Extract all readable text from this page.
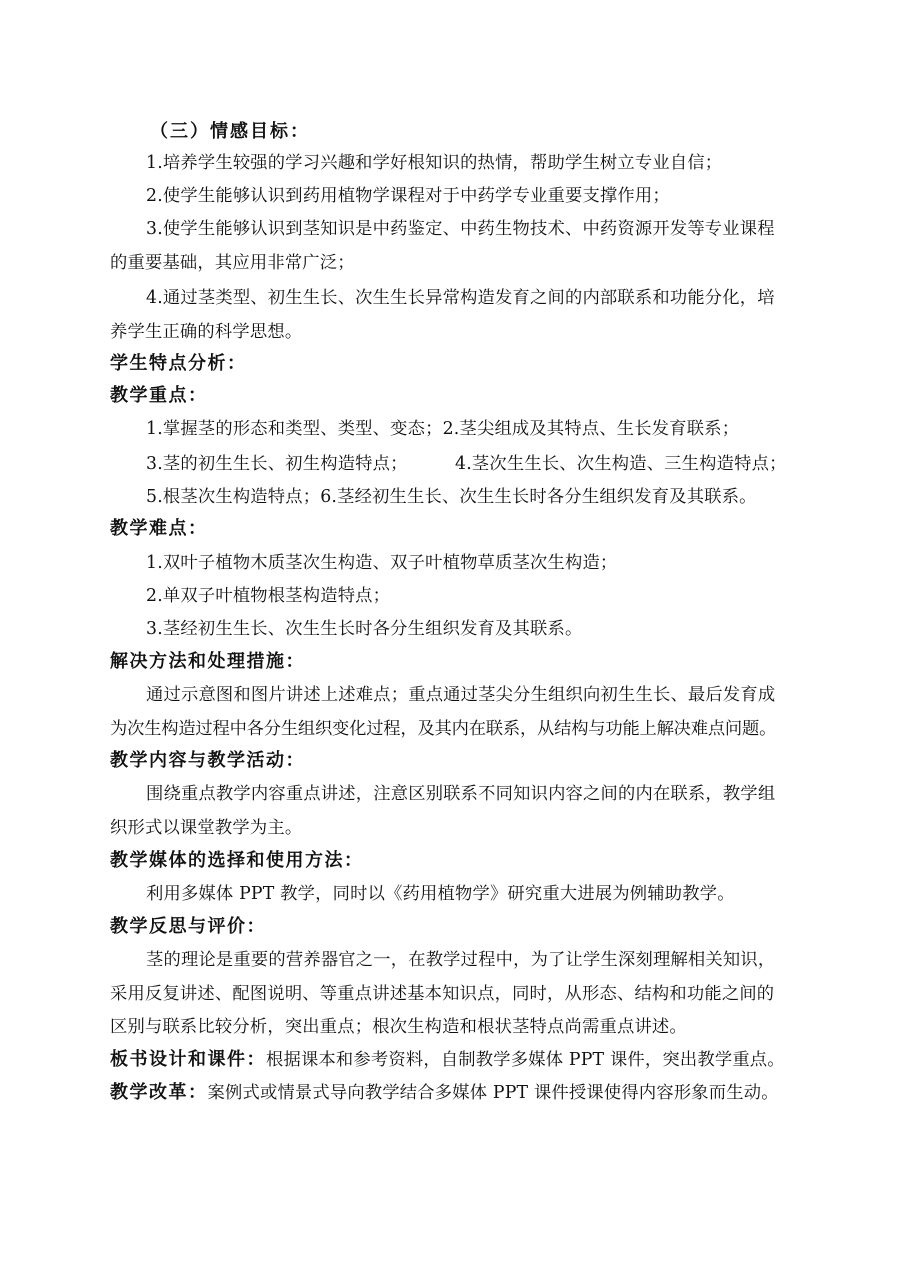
（三）情感目标：
1.培养学生较强的学习兴趣和学好根知识的热情，帮助学生树立专业自信；
2.使学生能够认识到药用植物学课程对于中药学专业重要支撑作用；
3.使学生能够认识到茎知识是中药鉴定、中药生物技术、中药资源开发等专业课程
的重要基础，其应用非常广泛；
4.通过茎类型、初生生长、次生生长异常构造发育之间的内部联系和功能分化，培
养学生正确的科学思想。
学生特点分析：
教学重点：
1.掌握茎的形态和类型、类型、变态；2.茎尖组成及其特点、生长发育联系；
3.茎的初生生长、初生构造特点；	4.茎次生生长、次生构造、三生构造特点；
5.根茎次生构造特点；6.茎经初生生长、次生生长时各分生组织发育及其联系。
教学难点：
1.双叶子植物木质茎次生构造、双子叶植物草质茎次生构造；
2.单双子叶植物根茎构造特点；
3.茎经初生生长、次生生长时各分生组织发育及其联系。
解决方法和处理措施：
通过示意图和图片讲述上述难点；重点通过茎尖分生组织向初生生长、最后发育成
为次生构造过程中各分生组织变化过程，及其内在联系，从结构与功能上解决难点问题。
教学内容与教学活动：
围绕重点教学内容重点讲述，注意区别联系不同知识内容之间的内在联系，教学组
织形式以课堂教学为主。
教学媒体的选择和使用方法：
利用多媒体 PPT 教学，同时以《药用植物学》研究重大进展为例辅助教学。
教学反思与评价：
茎的理论是重要的营养器官之一，在教学过程中，为了让学生深刻理解相关知识，
采用反复讲述、配图说明、等重点讲述基本知识点，同时，从形态、结构和功能之间的
区别与联系比较分析，突出重点；根次生构造和根状茎特点尚需重点讲述。
板书设计和课件：根据课本和参考资料，自制教学多媒体 PPT 课件，突出教学重点。
教学改革：案例式或情景式导向教学结合多媒体 PPT 课件授课使得内容形象而生动。
